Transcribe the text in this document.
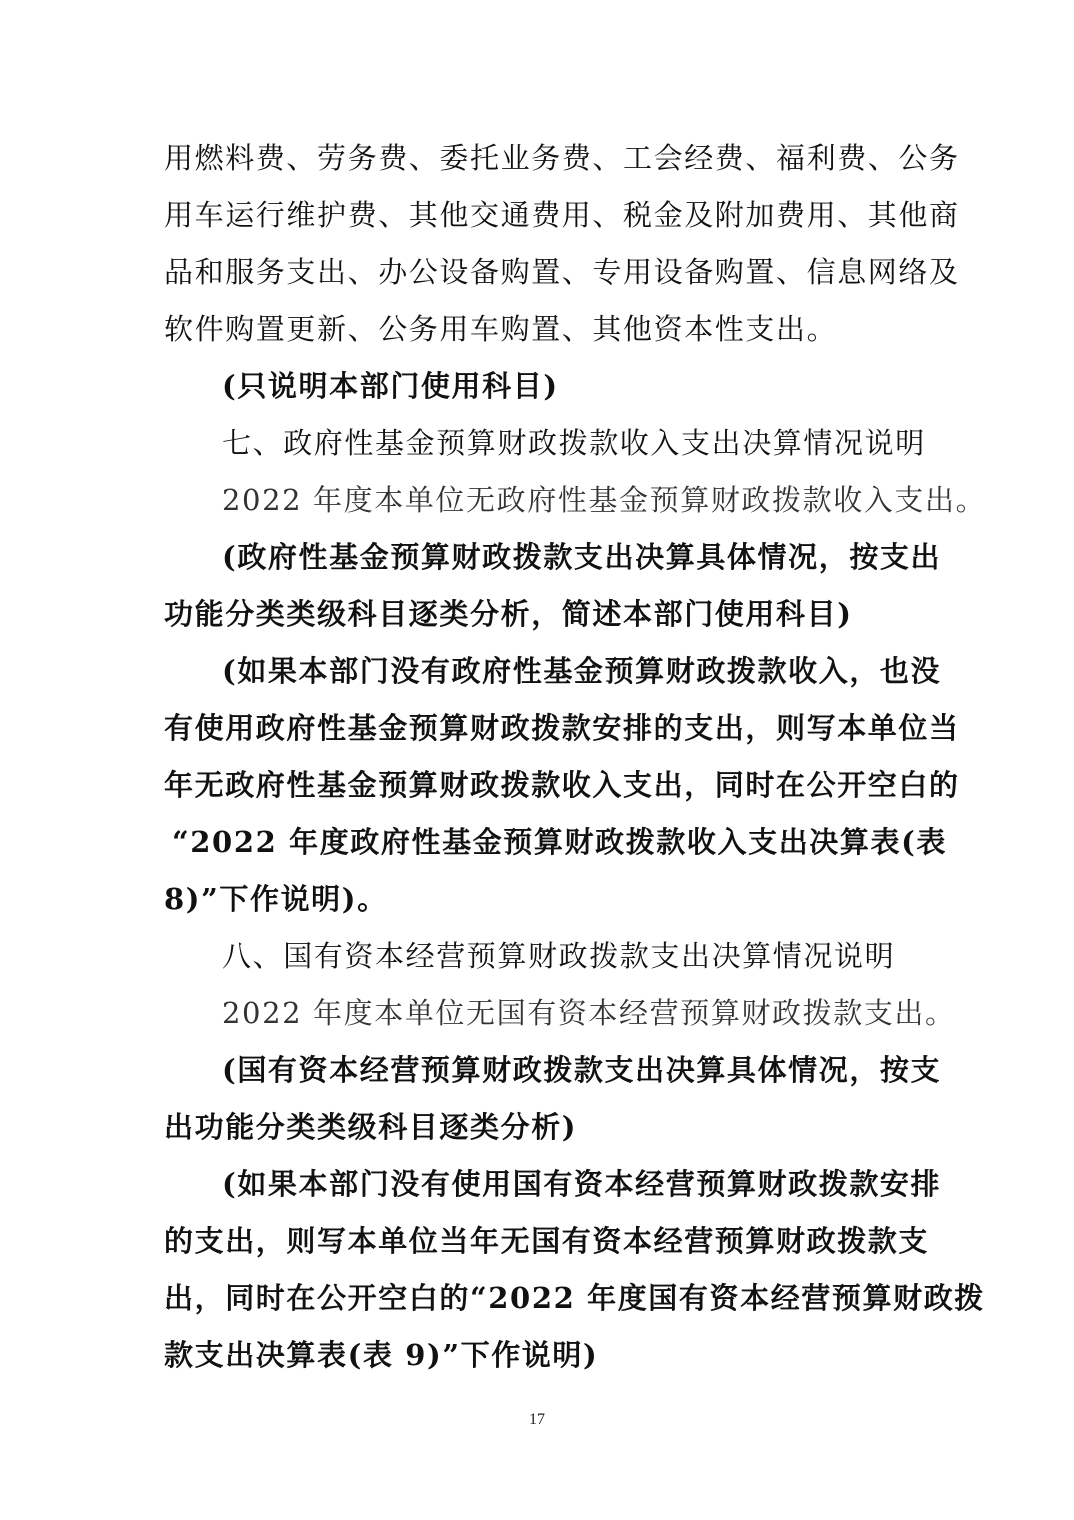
用燃料费、劳务费、委托业务费、工会经费、福利费、公务
用车运行维护费、其他交通费用、税金及附加费用、其他商
品和服务支出、办公设备购置、专用设备购置、信息网络及
软件购置更新、公务用车购置、其他资本性支出。
(只说明本部门使用科目)
七、政府性基金预算财政拨款收入支出决算情况说明
2022 年度本单位无政府性基金预算财政拨款收入支出。
(政府性基金预算财政拨款支出决算具体情况，按支出
功能分类类级科目逐类分析，简述本部门使用科目)
(如果本部门没有政府性基金预算财政拨款收入，也没
有使用政府性基金预算财政拨款安排的支出，则写本单位当
年无政府性基金预算财政拨款收入支出，同时在公开空白的
“2022 年度政府性基金预算财政拨款收入支出决算表(表
8)”下作说明)。
八、国有资本经营预算财政拨款支出决算情况说明
2022 年度本单位无国有资本经营预算财政拨款支出。
(国有资本经营预算财政拨款支出决算具体情况，按支
出功能分类类级科目逐类分析)
(如果本部门没有使用国有资本经营预算财政拨款安排
的支出，则写本单位当年无国有资本经营预算财政拨款支
出，同时在公开空白的“2022 年度国有资本经营预算财政拨
款支出决算表(表 9)”下作说明)
17
